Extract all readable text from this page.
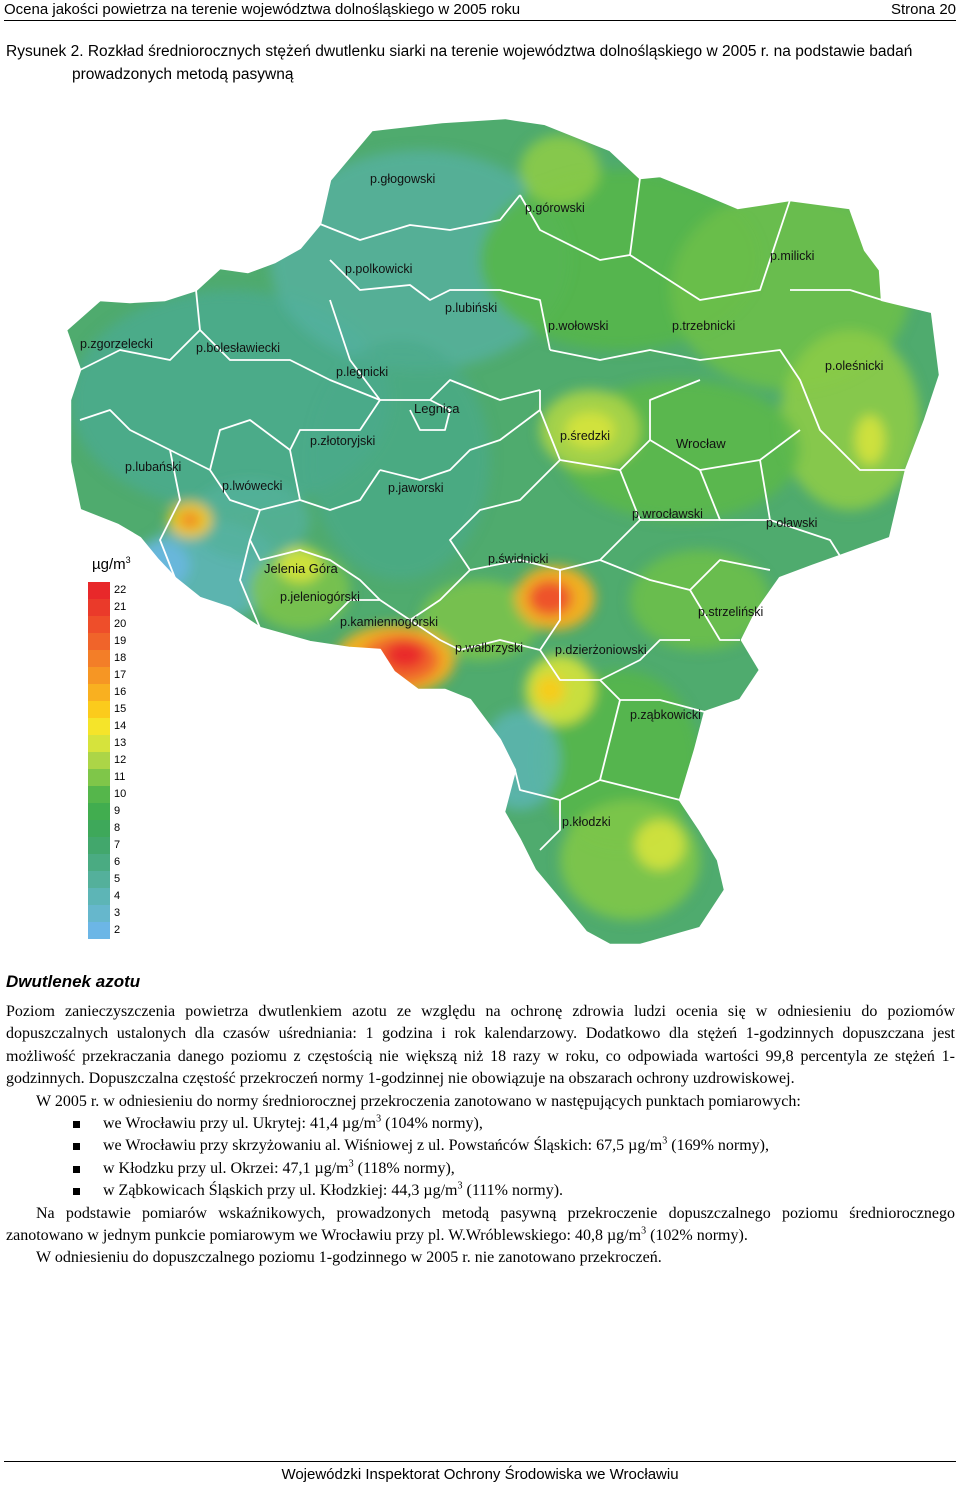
Ocena jakości powietrza na terenie województwa dolnośląskiego w 2005 roku	Strona 20
Rysunek 2. Rozkład średniorocznych stężeń dwutlenku siarki na terenie województwa dolnośląskiego w 2005 r. na podstawie badań
prowadzonych metodą pasywną
p.głogowski
p.górowski
p.milicki
p.polkowicki
p.lubiński
p.wołowski	p.trzebnicki
p.zgorzelecki	p.bolesławiecki
p.oleśnicki
p.legnicki
Legnica
p.złotoryjski	p.średzki	Wrocław
p.lubański
p.lwówecki	p.jaworski
p.wrocławski
p.oławski
p.świdnicki
Jelenia Góra
p.jeleniogórski
p.strzeliński
p.kamiennogórski
p.wałbrzyski	p.dzierżoniowski
p.ząbkowicki
p.kłodzki
$\mu g/m^3$
22
21
20
19
18
17
16
15
14
13
12
11
10
9
8
7
6
5
4
3
2
Dwutlenek azotu

Poziom zanieczyszczenia powietrza dwutlenkiem azotu ze względu na ochronę zdrowia ludzi ocenia się w odniesieniu do poziomów dopuszczalnych ustalonych dla czasów uśredniania: 1 godzina i rok kalendarzowy. Dodatkowo dla stężeń 1-godzinnych dopuszczana jest możliwość przekraczania danego poziomu z częstością nie większą niż 18 razy w roku, co odpowiada wartości 99,8 percentyla ze stężeń 1-godzinnych. Dopuszczalna częstość przekroczeń normy 1-godzinnej nie obowiązuje na obszarach ochrony uzdrowiskowej.

W 2005 r. w odniesieniu do normy średniorocznej przekroczenia zanotowano w następujących punktach pomiarowych:

we Wrocławiu przy ul. Ukrytej: 41,4 $\mu g/m^3$ (104% normy),
we Wrocławiu przy skrzyżowaniu al. Wiśniowej z ul. Powstańców Śląskich: 67,5 $\mu g/m^3$ (169% normy),
w Kłodzku przy ul. Okrzei: 47,1 $\mu g/m^3$ (118% normy),
w Ząbkowicach Śląskich przy ul. Kłodzkiej: 44,3 $\mu g/m^3$ (111% normy).

Na podstawie pomiarów wskaźnikowych, prowadzonych metodą pasywną przekroczenie dopuszczalnego poziomu średniorocznego zanotowano w jednym punkcie pomiarowym we Wrocławiu przy pl. W.Wróblewskiego: 40,8 $\mu g/m^3$ (102% normy).

W odniesieniu do dopuszczalnego poziomu 1-godzinnego w 2005 r. nie zanotowano przekroczeń.

Wojewódzki Inspektorat Ochrony Środowiska we Wrocławiu
